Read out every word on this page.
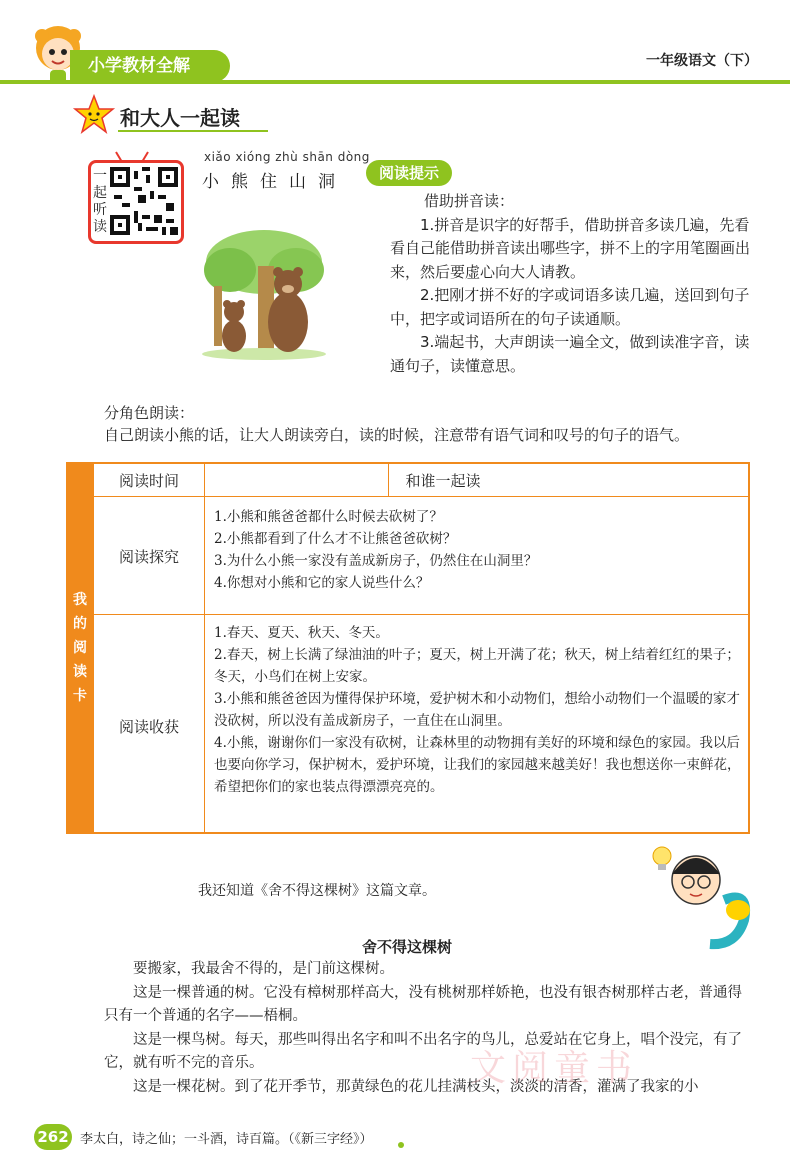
小学教材全解	一年级语文（下）
和大人一起读
一起听读
xiǎo xióng zhù shān dòng
小熊住山洞	阅读提示

借助拼音读：

1.拼音是识字的好帮手，借助拼音多读几遍，先看看自己能借助拼音读出哪些字，拼不上的字用笔圈画出来，然后要虚心向大人请教。

2.把刚才拼不好的字或词语多读几遍，送回到句子中，把字或词语所在的句子读通顺。

3.端起书，大声朗读一遍全文，做到读准字音，读通句子，读懂意思。

分角色朗读：
自己朗读小熊的话，让大人朗读旁白，读的时候，注意带有语气词和叹号的句子的语气。
我的阅读卡
阅读时间	和谁一起读
阅读探究

1.小熊和熊爸爸都什么时候去砍树了？

2.小熊都看到了什么才不让熊爸爸砍树？

3.为什么小熊一家没有盖成新房子，仍然住在山洞里？

4.你想对小熊和它的家人说些什么？

阅读收获

1.春天、夏天、秋天、冬天。

2.春天，树上长满了绿油油的叶子；夏天，树上开满了花；秋天，树上结着红红的果子；冬天，小鸟们在树上安家。

3.小熊和熊爸爸因为懂得保护环境，爱护树木和小动物们，想给小动物们一个温暖的家才没砍树，所以没有盖成新房子，一直住在山洞里。

4.小熊，谢谢你们一家没有砍树，让森林里的动物拥有美好的环境和绿色的家园。我以后也要向你学习，保护树木，爱护环境，让我们的家园越来越美好！我也想送你一束鲜花，希望把你们的家也装点得漂漂亮亮的。

我还知道《舍不得这棵树》这篇文章。
舍不得这棵树

要搬家，我最舍不得的，是门前这棵树。

这是一棵普通的树。它没有樟树那样高大，没有桃树那样娇艳，也没有银杏树那样古老，普通得只有一个普通的名字——梧桐。

这是一棵鸟树。每天，那些叫得出名字和叫不出名字的鸟儿，总爱站在它身上，唱个没完，有了它，就有听不完的音乐。

这是一棵花树。到了花开季节，那黄绿色的花儿挂满枝头，淡淡的清香，灌满了我家的小

文阅童书
262 李太白，诗之仙；一斗酒，诗百篇。（《新三字经》）
